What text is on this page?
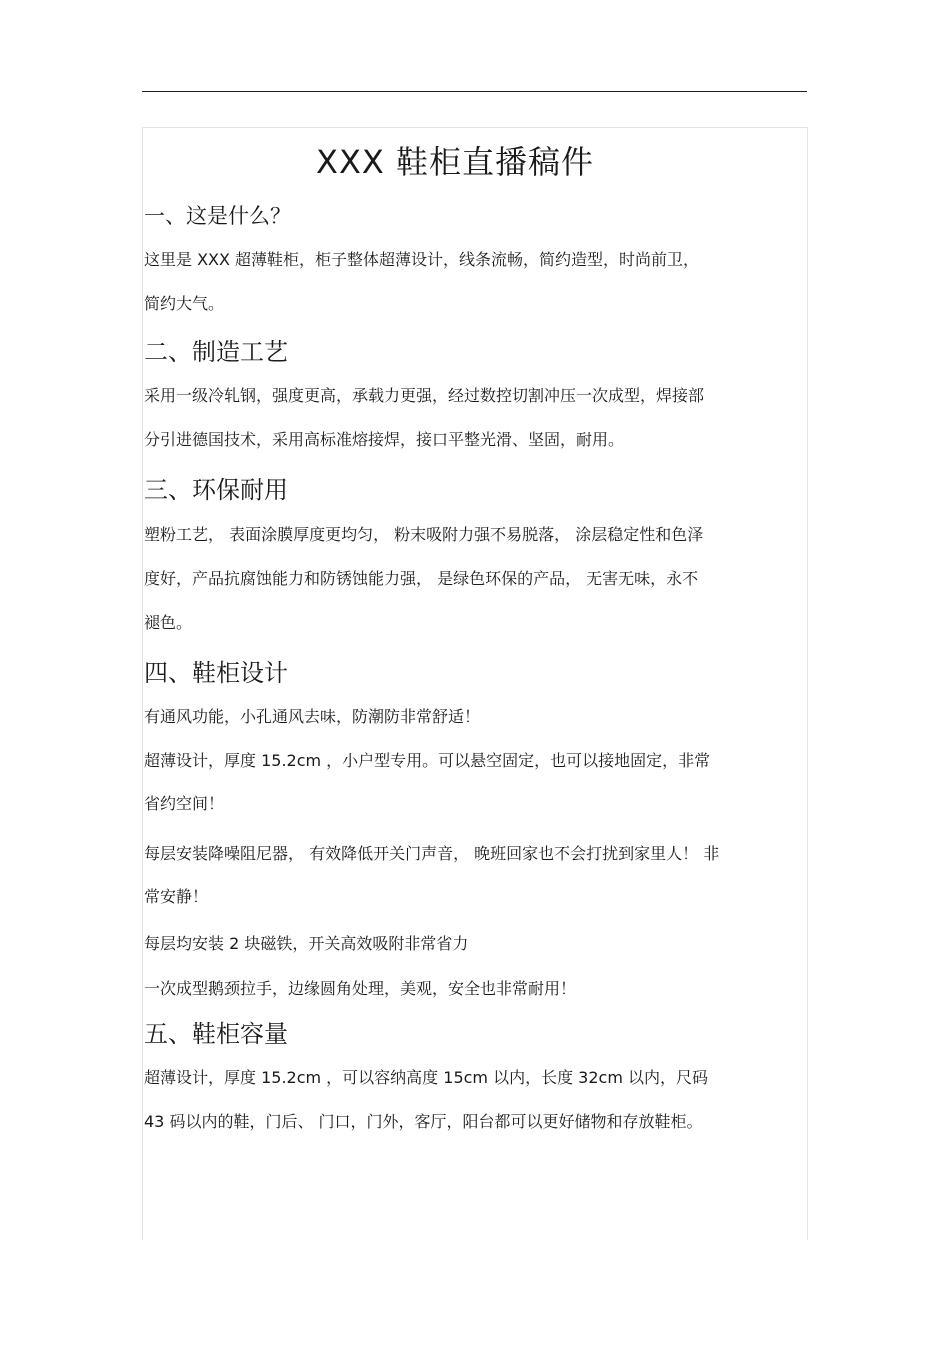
XXX 鞋柜直播稿件
一、这是什么？
这里是 XXX 超薄鞋柜，柜子整体超薄设计，线条流畅，简约造型，时尚前卫，
简约大气。
二、制造工艺
采用一级冷轧钢，强度更高，承载力更强，经过数控切割冲压一次成型，焊接部
分引进德国技术，采用高标准熔接焊，接口平整光滑、坚固，耐用。
三、环保耐用
塑粉工艺， 表面涂膜厚度更均匀， 粉末吸附力强不易脱落， 涂层稳定性和色泽
度好，产品抗腐蚀能力和防锈蚀能力强， 是绿色环保的产品， 无害无味，永不
褪色。
四、鞋柜设计
有通风功能，小孔通风去味，防潮防非常舒适！
超薄设计，厚度 15.2cm ，小户型专用。可以悬空固定，也可以接地固定，非常
省约空间！
每层安装降噪阻尼器， 有效降低开关门声音， 晚班回家也不会打扰到家里人！ 非
常安静！
每层均安装 2 块磁铁，开关高效吸附非常省力
一次成型鹅颈拉手，边缘圆角处理，美观，安全也非常耐用！
五、鞋柜容量
超薄设计，厚度 15.2cm ，可以容纳高度 15cm 以内，长度 32cm 以内，尺码
43 码以内的鞋，门后、 门口，门外，客厅，阳台都可以更好储物和存放鞋柜。
